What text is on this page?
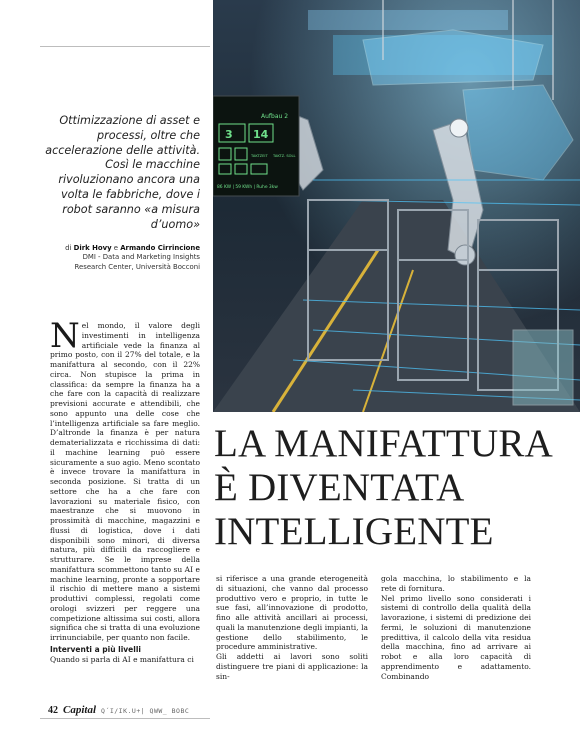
Aufbau 2
3 14
TAKTZEIT TAKTZ. SOLL
86 KW | 59 KWh | Ruhe 3kw
Ottimizzazione di asset e processi, oltre che accelerazione delle attività. Così le macchine rivoluzionano ancora una volta le fabbriche, dove i robot saranno «a misura d’uomo»
di Dirk Hovy e Armando Cirrincione
DMI - Data and Marketing Insights
Research Center, Università Bocconi

Nel mondo, il valore degli investimenti in intelligenza artificiale vede la finanza al primo posto, con il 27% del totale, e la manifattura al secondo, con il 22% circa. Non stupisce la prima in classifica: da sempre la finanza ha a che fare con la capacità di realizzare previsioni accurate e attendibili, che sono appunto una delle cose che l’intelligenza artificiale sa fare meglio. D’altronde la finanza è per natura dematerializzata e ricchissima di dati: il machine learning può essere sicuramente a suo agio. Meno scontato è invece trovare la manifattura in seconda posizione. Si tratta di un settore che ha a che fare con lavorazioni su materiale fisico, con maestranze che si muovono in prossimità di macchine, magazzini e flussi di logistica, dove i dati disponibili sono minori, di diversa natura, più difficili da raccogliere e strutturare. Se le imprese della manifattura scommettono tanto su AI e machine learning, pronte a sopportare il rischio di mettere mano a sistemi produttivi complessi, regolati come orologi svizzeri per reggere una competizione altissima sui costi, allora significa che si tratta di una evoluzione irrinunciabile, per quanto non facile.

Interventi a più livelli

Quando si parla di AI e manifattura ci

LA MANIFATTURA
È DIVENTATA
INTELLIGENTE

si riferisce a una grande eterogeneità di situazioni, che vanno dal processo produttivo vero e proprio, in tutte le sue fasi, all’innovazione di prodotto, fino alle attività ancillari ai processi, quali la manutenzione degli impianti, la gestione dello stabilimento, le procedure amministrative.

Gli addetti ai lavori sono soliti distinguere tre piani di applicazione: la sin-

gola macchina, lo stabilimento e la rete di fornitura.

Nel primo livello sono considerati i sistemi di controllo della qualità della lavorazione, i sistemi di predizione dei fermi, le soluzioni di manutenzione predittiva, il calcolo della vita residua della macchina, fino ad arrivare ai robot e alla loro capacità di apprendimento e adattamento. Combinando

42 Capital Q´I/IK.U+| QWW_ BOBC
